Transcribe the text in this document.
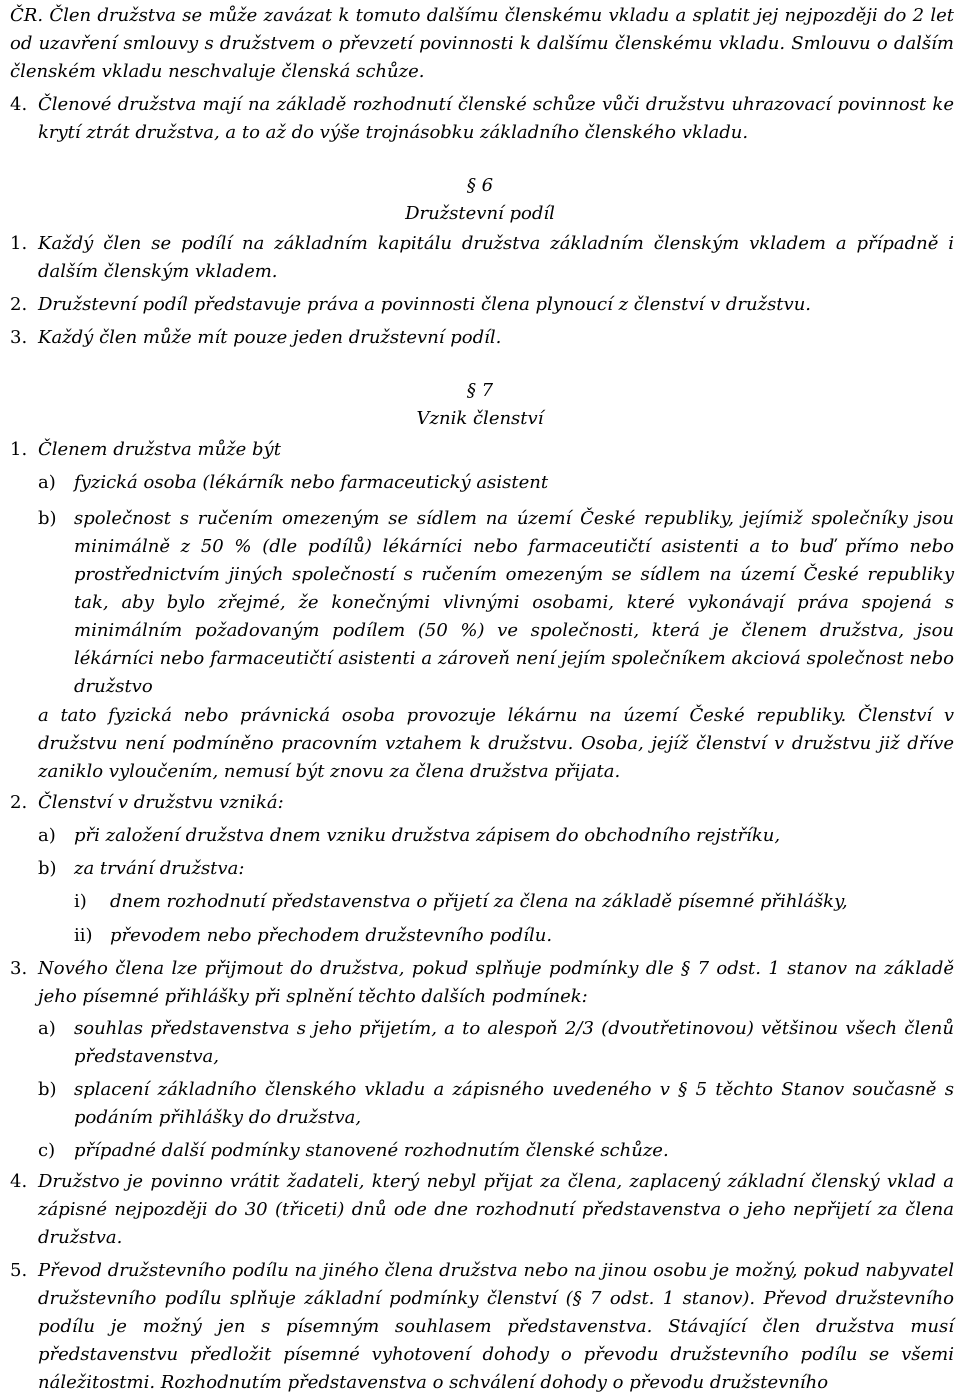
ČR. Člen družstva se může zavázat k tomuto dalšímu členskému vkladu a splatit jej nejpozději do 2 let od uzavření smlouvy s družstvem o převzetí povinnosti k dalšímu členskému vkladu. Smlouvu o dalším členském vkladu neschvaluje členská schůze.
4. Členové družstva mají na základě rozhodnutí členské schůze vůči družstvu uhrazovací povinnost ke krytí ztrát družstva, a to až do výše trojnásobku základního členského vkladu.
§ 6
Družstevní podíl
1. Každý člen se podílí na základním kapitálu družstva základním členským vkladem a případně i dalším členským vkladem.
2. Družstevní podíl představuje práva a povinnosti člena plynoucí z členství v družstvu.
3. Každý člen může mít pouze jeden družstevní podíl.
§ 7
Vznik členství
1. Členem družstva může být
a)	fyzická osoba (lékárník nebo farmaceutický asistent
b) společnost s ručením omezeným se sídlem na území České republiky, jejímiž společníky jsou minimálně z 50 % (dle podílů) lékárníci nebo farmaceutičtí asistenti a to buď přímo nebo prostřednictvím jiných společností s ručením omezeným se sídlem na území České republiky tak, aby bylo zřejmé, že konečnými vlivnými osobami, které vykonávají práva spojená s minimálním požadovaným podílem (50 %) ve společnosti, která je členem družstva, jsou lékárníci nebo farmaceutičtí asistenti a zároveň není jejím společníkem akciová společnost nebo družstvo
a tato fyzická nebo právnická osoba provozuje lékárnu na území České republiky. Členství v družstvu není podmíněno pracovním vztahem k družstvu. Osoba, jejíž členství v družstvu již dříve zaniklo vyloučením, nemusí být znovu za člena družstva přijata.
2. Členství v družstvu vzniká:
a)	při založení družstva dnem vzniku družstva zápisem do obchodního rejstříku,
b) za trvání družstva:
i)	dnem rozhodnutí představenstva o přijetí za člena na základě písemné přihlášky,
ii) převodem nebo přechodem družstevního podílu.
3. Nového člena lze přijmout do družstva, pokud splňuje podmínky dle § 7 odst. 1 stanov na základě jeho písemné přihlášky při splnění těchto dalších podmínek:
a)	souhlas představenstva s jeho přijetím, a to alespoň 2/3 (dvoutřetinovou) většinou všech členů představenstva,
b) splacení základního členského vkladu a zápisného uvedeného v § 5 těchto Stanov současně s podáním přihlášky do družstva,
c)	případné další podmínky stanovené rozhodnutím členské schůze.
4. Družstvo je povinno vrátit žadateli, který nebyl přijat za člena, zaplacený základní členský vklad a zápisné nejpozději do 30 (třiceti) dnů ode dne rozhodnutí představenstva o jeho nepřijetí za člena družstva.
5. Převod družstevního podílu na jiného člena družstva nebo na jinou osobu je možný, pokud nabyvatel družstevního podílu splňuje základní podmínky členství (§ 7 odst. 1 stanov). Převod družstevního podílu je možný jen s písemným souhlasem představenstva. Stávající člen družstva musí představenstvu předložit písemné vyhotovení dohody o převodu družstevního podílu se všemi náležitostmi. Rozhodnutím představenstva o schválení dohody o převodu družstevního
